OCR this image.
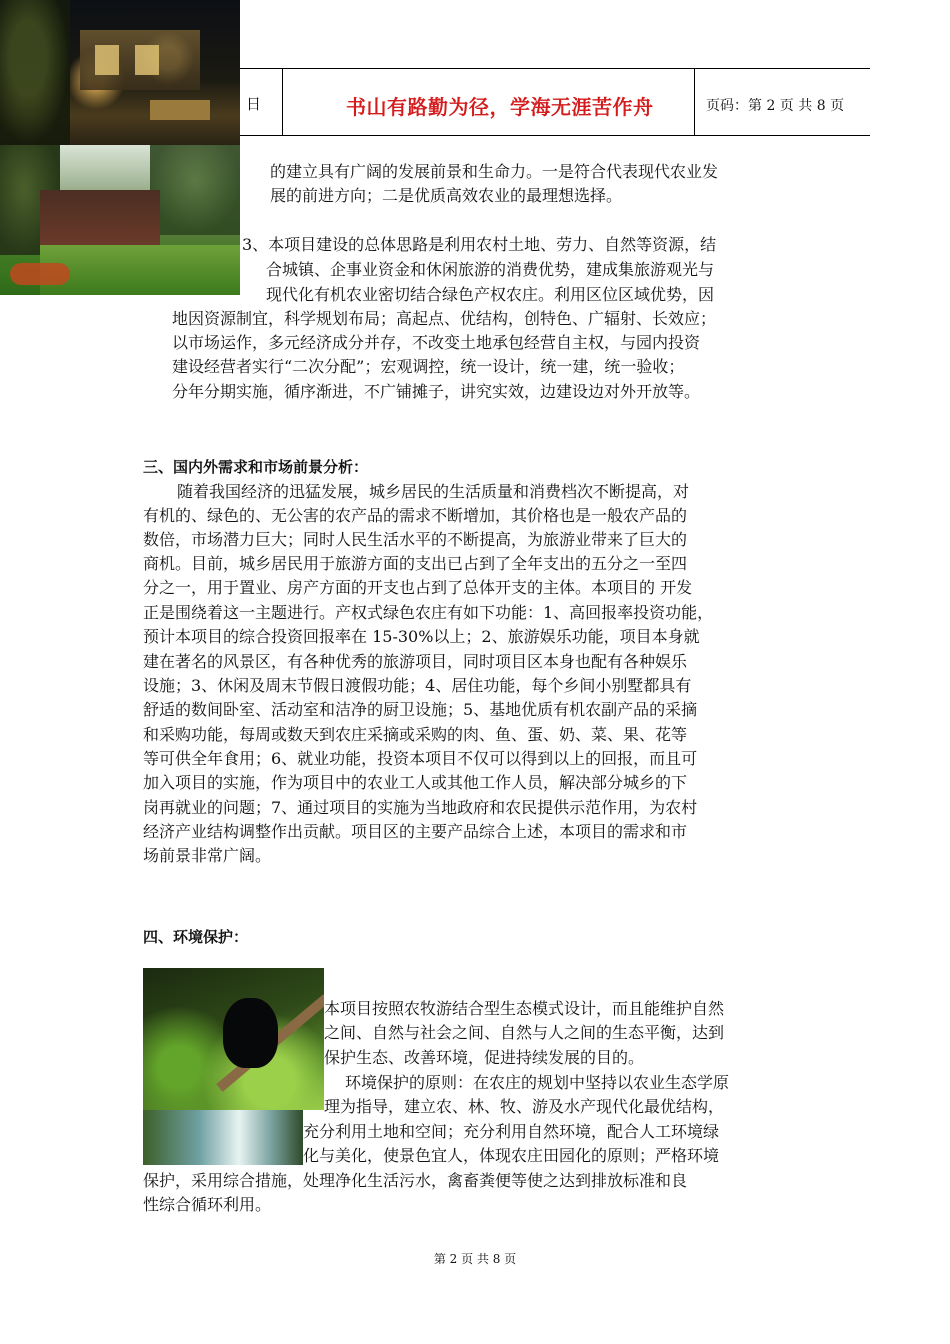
日	书山有路勤为径，学海无涯苦作舟	页码：第 2 页 共 8 页
的建立具有广阔的发展前景和生命力。一是符合代表现代农业发
展的前进方向；二是优质高效农业的最理想选择。
3、本项目建设的总体思路是利用农村土地、劳力、自然等资源，结
合城镇、企事业资金和休闲旅游的消费优势，建成集旅游观光与
现代化有机农业密切结合绿色产权农庄。利用区位区域优势，因
地因资源制宜，科学规划布局；高起点、优结构，创特色、广辐射、长效应；
以市场运作，多元经济成分并存，不改变土地承包经营自主权，与园内投资
建设经营者实行“二次分配”；宏观调控，统一设计，统一建，统一验收；
分年分期实施，循序渐进，不广铺摊子，讲究实效，边建设边对外开放等。
三、国内外需求和市场前景分析：
随着我国经济的迅猛发展，城乡居民的生活质量和消费档次不断提高，对
有机的、绿色的、无公害的农产品的需求不断增加，其价格也是一般农产品的
数倍，市场潜力巨大；同时人民生活水平的不断提高，为旅游业带来了巨大的
商机。目前，城乡居民用于旅游方面的支出已占到了全年支出的五分之一至四
分之一，用于置业、房产方面的开支也占到了总体开支的主体。本项目的 开发
正是围绕着这一主题进行。产权式绿色农庄有如下功能：1、高回报率投资功能，
预计本项目的综合投资回报率在 15-30%以上；2、旅游娱乐功能，项目本身就
建在著名的风景区，有各种优秀的旅游项目，同时项目区本身也配有各种娱乐
设施；3、休闲及周末节假日渡假功能；4、居住功能，每个乡间小别墅都具有
舒适的数间卧室、活动室和洁净的厨卫设施；5、基地优质有机农副产品的采摘
和采购功能，每周或数天到农庄采摘或采购的肉、鱼、蛋、奶、菜、果、花等
等可供全年食用；6、就业功能，投资本项目不仅可以得到以上的回报，而且可
加入项目的实施，作为项目中的农业工人或其他工作人员，解决部分城乡的下
岗再就业的问题；7、通过项目的实施为当地政府和农民提供示范作用，为农村
经济产业结构调整作出贡献。项目区的主要产品综合上述，本项目的需求和市
场前景非常广阔。
四、环境保护：
本项目按照农牧游结合型生态模式设计，而且能维护自然
之间、自然与社会之间、自然与人之间的生态平衡，达到
保护生态、改善环境，促进持续发展的目的。
环境保护的原则：在农庄的规划中坚持以农业生态学原
理为指导，建立农、林、牧、游及水产现代化最优结构，
充分利用土地和空间；充分利用自然环境，配合人工环境绿
化与美化，使景色宜人，体现农庄田园化的原则；严格环境
保护，采用综合措施，处理净化生活污水，禽畜粪便等使之达到排放标准和良
性综合循环利用。
第 2 页 共 8 页
